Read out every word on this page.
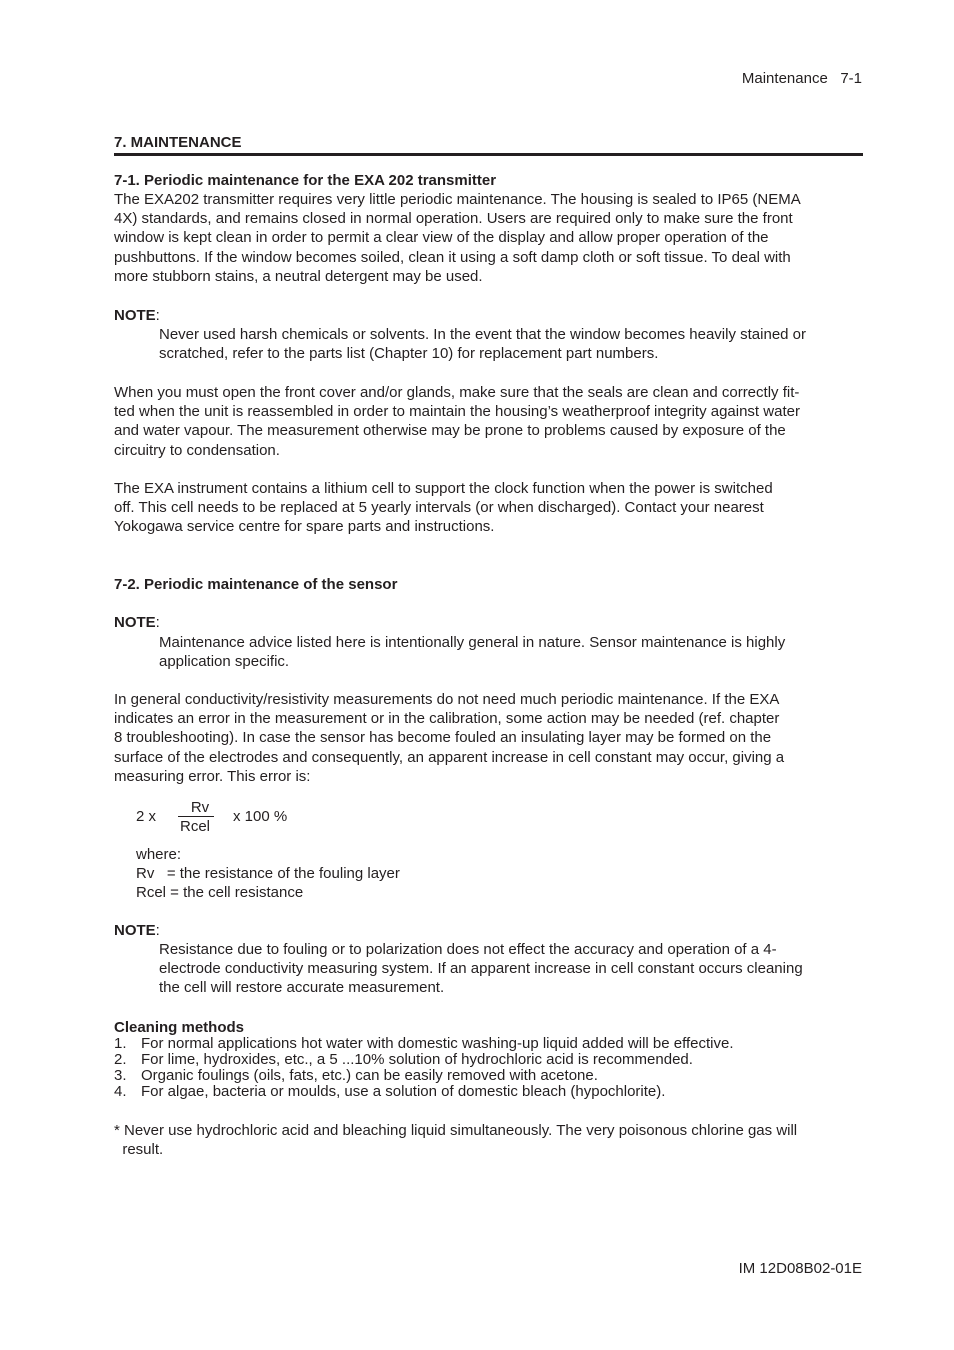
Maintenance 7-1
7. MAINTENANCE
7-1. Periodic maintenance for the EXA 202 transmitter
The EXA202 transmitter requires very little periodic maintenance. The housing is sealed to IP65 (NEMA
4X) standards, and remains closed in normal operation. Users are required only to make sure the front
window is kept clean in order to permit a clear view of the display and allow proper operation of the
pushbuttons. If the window becomes soiled, clean it using a soft damp cloth or soft tissue. To deal with
more stubborn stains, a neutral detergent may be used.
NOTE:
Never used harsh chemicals or solvents. In the event that the window becomes heavily stained or
scratched, refer to the parts list (Chapter 10) for replacement part numbers.
When you must open the front cover and/or glands, make sure that the seals are clean and correctly fit-
ted when the unit is reassembled in order to maintain the housing’s weatherproof integrity against water
and water vapour. The measurement otherwise may be prone to problems caused by exposure of the
circuitry to condensation.
The EXA instrument contains a lithium cell to support the clock function when the power is switched
off. This cell needs to be replaced at 5 yearly intervals (or when discharged). Contact your nearest
Yokogawa service centre for spare parts and instructions.
7-2. Periodic maintenance of the sensor
NOTE:
Maintenance advice listed here is intentionally general in nature. Sensor maintenance is highly
application specific.
In general conductivity/resistivity measurements do not need much periodic maintenance. If the EXA
indicates an error in the measurement or in the calibration, some action may be needed (ref. chapter
8 troubleshooting). In case the sensor has become fouled an insulating layer may be formed on the
surface of the electrodes and consequently, an apparent increase in cell constant may occur, giving a
measuring error. This error is:
2 x
Rv
Rcel
x 100 %
where:
Rv   = the resistance of the fouling layer
Rcel = the cell resistance
NOTE:
Resistance due to fouling or to polarization does not effect the accuracy and operation of a 4-
electrode conductivity measuring system. If an apparent increase in cell constant occurs cleaning
the cell will restore accurate measurement.
Cleaning methods
1. For normal applications hot water with domestic washing-up liquid added will be effective.
2. For lime, hydroxides, etc., a 5 ...10% solution of hydrochloric acid is recommended.
3. Organic foulings (oils, fats, etc.) can be easily removed with acetone.
4. For algae, bacteria or moulds, use a solution of domestic bleach (hypochlorite).
* Never use hydrochloric acid and bleaching liquid simultaneously. The very poisonous chlorine gas will
result.
IM 12D08B02-01E
